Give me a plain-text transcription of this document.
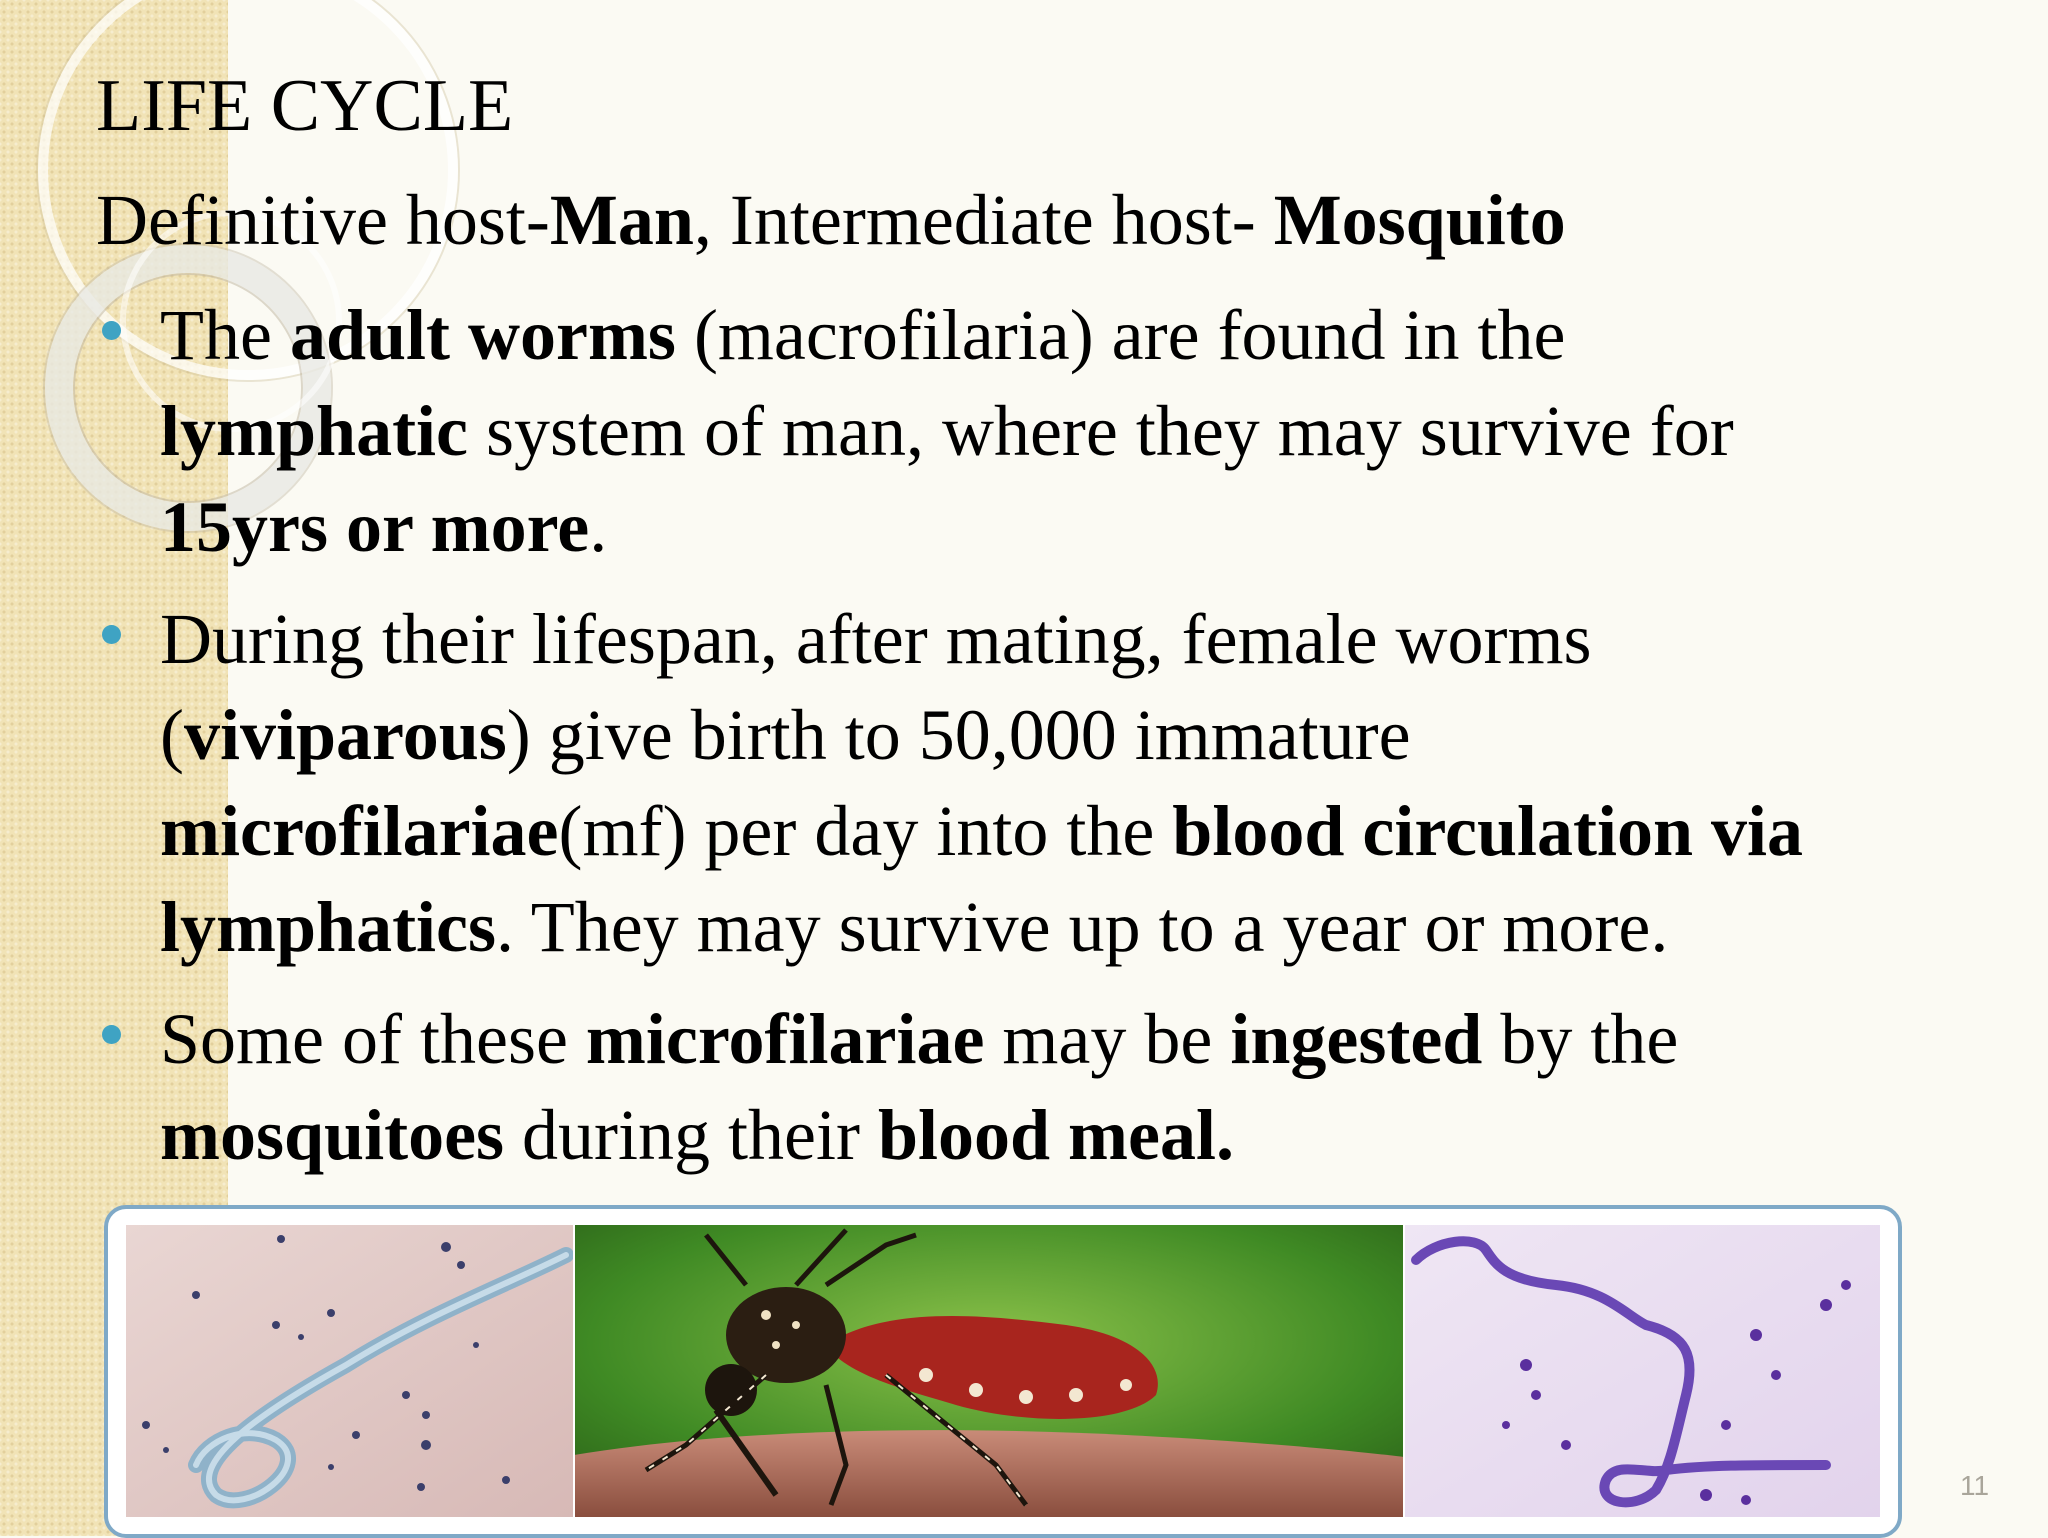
LIFE CYCLE
Definitive host-Man, Intermediate host- Mosquito
The adult worms (macrofilaria) are found in the
lymphatic system of man, where they may survive for
15yrs or more.
During their lifespan, after mating, female worms
(viviparous) give birth to 50,000 immature
microfilariae(mf) per day into the blood circulation via
lymphatics. They may survive up to a year or more.
Some of these microfilariae may be ingested by the
mosquitoes during their blood meal.
11
